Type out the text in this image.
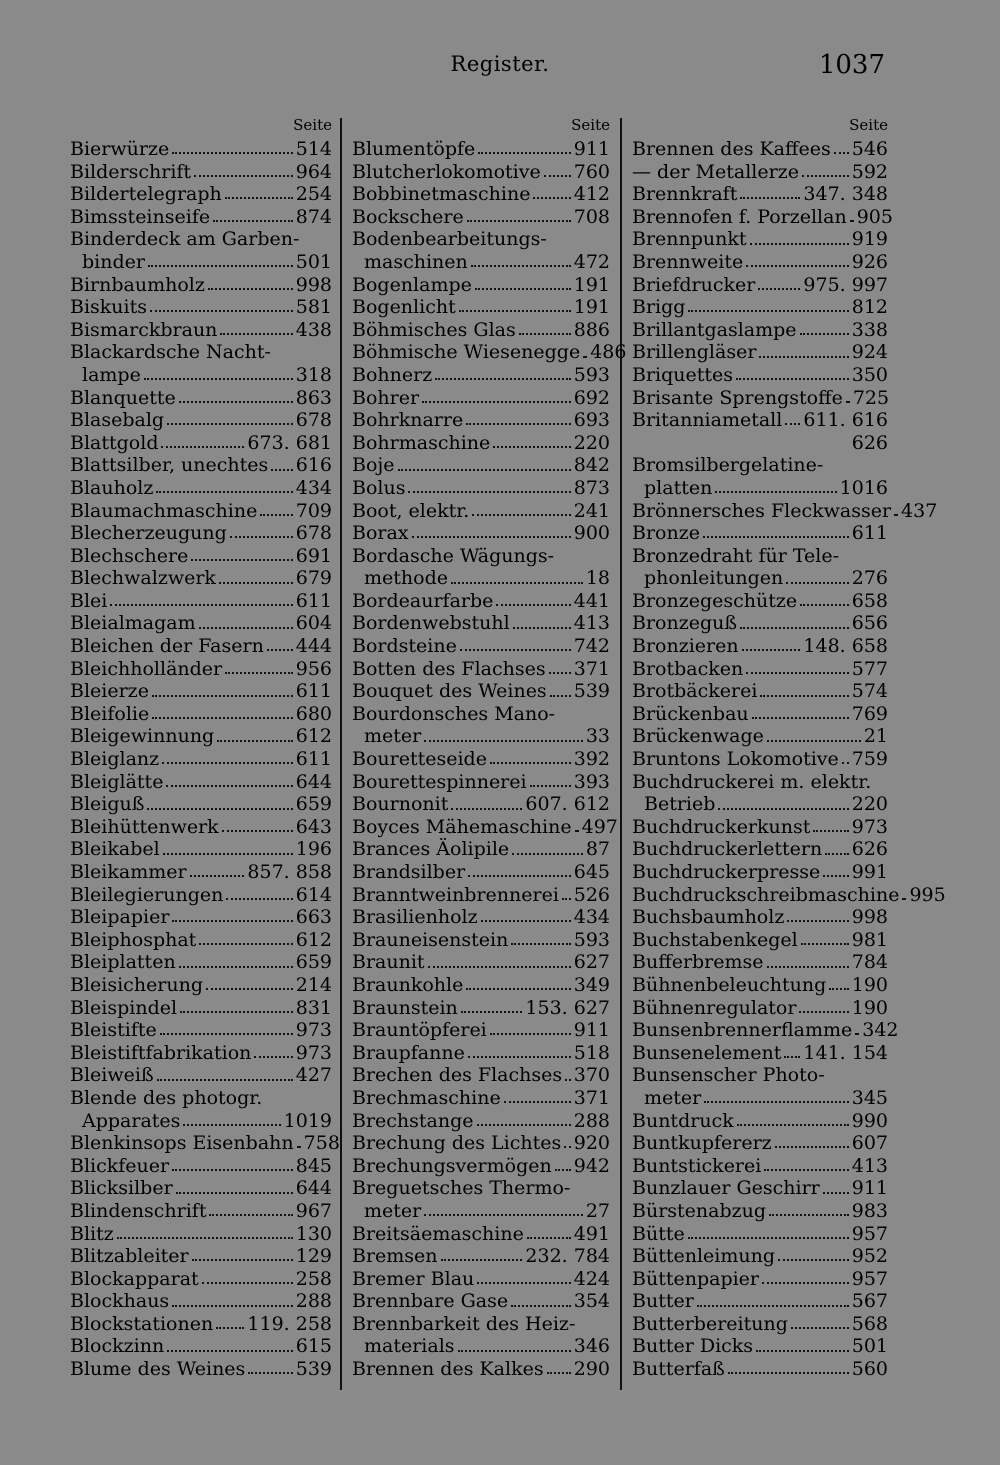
Register.	1037
Seite
Bierwürze	514
Bilderschrift	964
Bildertelegraph	254
Bimssteinseife	874
Binderdeck am Garben-
binder	501
Birnbaumholz	998
Biskuits	581
Bismarckbraun	438
Blackardsche Nacht-
lampe	318
Blanquette	863
Blasebalg	678
Blattgold	673. 681
Blattsilber, unechtes 616
Blauholz	434
Blaumachmaschine 709
Blecherzeugung	678
Blechschere	691
Blechwalzwerk	679
Blei	611
Bleialmagam	604
Bleichen der Fasern 444
Bleichholländer	956
Bleierze	611
Bleifolie	680
Bleigewinnung	612
Bleiglanz	611
Bleiglätte	644
Bleiguß	659
Bleihüttenwerk	643
Bleikabel	196
Bleikammer	857. 858
Bleilegierungen	614
Bleipapier	663
Bleiphosphat	612
Bleiplatten	659
Bleisicherung	214
Bleispindel	831
Bleistifte	973
Bleistiftfabrikation 973
Bleiweiß	427
Blende des photogr.
Apparates	1019
Blenkinsops Eisenbahn 758
Blickfeuer	845
Blicksilber	644
Blindenschrift	967
Blitz	130
Blitzableiter	129
Blockapparat	258
Blockhaus	288
Blockstationen 119. 258
Blockzinn	615
Blume des Weines	539
Seite
Blumentöpfe	911
Blutcherlokomotive 760
Bobbinetmaschine 412
Bockschere	708
Bodenbearbeitungs-
maschinen	472
Bogenlampe	191
Bogenlicht	191
Böhmisches Glas	886
Böhmische Wiesenegge 486
Bohnerz	593
Bohrer	692
Bohrknarre	693
Bohrmaschine	220
Boje	842
Bolus	873
Boot, elektr.	241
Borax	900
Bordasche Wägungs-
methode	18
Bordeaurfarbe	441
Bordenwebstuhl	413
Bordsteine	742
Botten des Flachses 371
Bouquet des Weines 539
Bourdonsches Mano-
meter	33
Bouretteseide	392
Bourettespinnerei 393
Bournonit	607. 612
Boyces Mähemaschine 497
Brances Äolipile	87
Brandsilber	645
Branntweinbrennerei 526
Brasilienholz	434
Brauneisenstein	593
Braunit	627
Braunkohle	349
Braunstein	153. 627
Brauntöpferei	911
Braupfanne	518
Brechen des Flachses 370
Brechmaschine	371
Brechstange	288
Brechung des Lichtes 920
Brechungsvermögen 942
Breguetsches Thermo-
meter	27
Breitsäemaschine	491
Bremsen	232. 784
Bremer Blau	424
Brennbare Gase	354
Brennbarkeit des Heiz-
materials	346
Brennen des Kalkes 290
Seite
Brennen des Kaffees 546
— der Metallerze	592
Brennkraft	347. 348
Brennofen f. Porzellan 905
Brennpunkt	919
Brennweite	926
Briefdrucker	975. 997
Brigg	812
Brillantgaslampe	338
Brillengläser	924
Briquettes	350
Brisante Sprengstoffe 725
Britanniametall 611. 616
626
Bromsilbergelatine-
platten	1016
Brönnersches Fleckwasser 437
Bronze	611
Bronzedraht für Tele-
phonleitungen	276
Bronzegeschütze	658
Bronzeguß	656
Bronzieren	148. 658
Brotbacken	577
Brotbäckerei	574
Brückenbau	769
Brückenwage	21
Bruntons Lokomotive 759
Buchdruckerei m. elektr.
Betrieb	220
Buchdruckerkunst 973
Buchdruckerlettern 626
Buchdruckerpresse 991
Buchdruckschreibmaschine 995
Buchsbaumholz	998
Buchstabenkegel	981
Bufferbremse	784
Bühnenbeleuchtung 190
Bühnenregulator	190
Bunsenbrennerflamme 342
Bunsenelement 141. 154
Bunsenscher Photo-
meter	345
Buntdruck	990
Buntkupfererz	607
Buntstickerei	413
Bunzlauer Geschirr 911
Bürstenabzug	983
Bütte	957
Büttenleimung	952
Büttenpapier	957
Butter	567
Butterbereitung	568
Butter Dicks	501
Butterfaß	560
